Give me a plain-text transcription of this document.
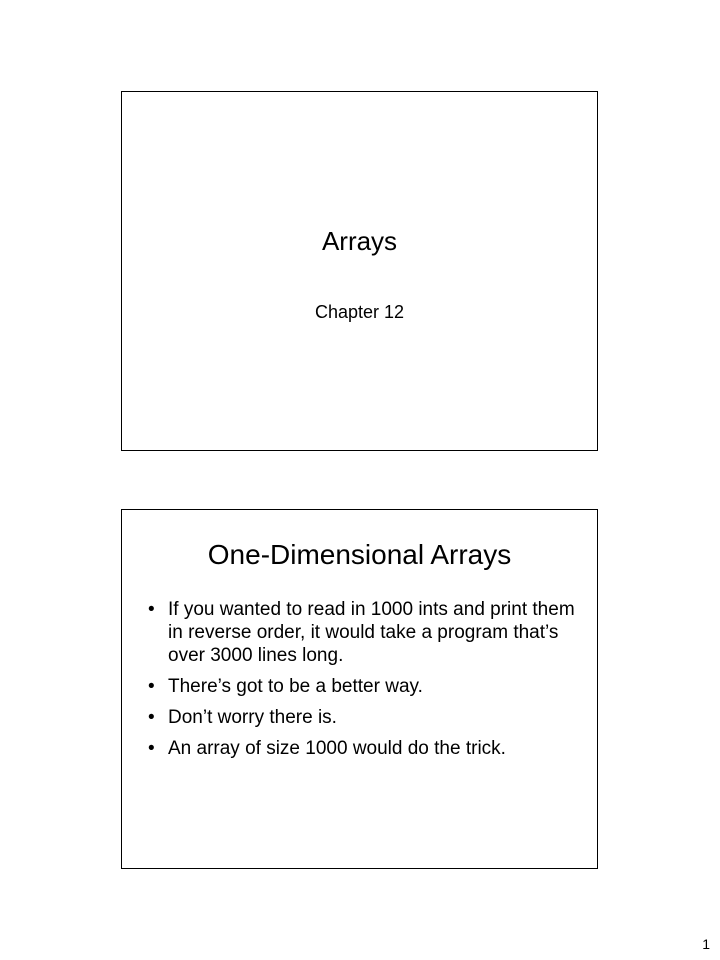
Arrays
Chapter 12
One-Dimensional Arrays
• If you wanted to read in 1000 ints and print them in reverse order, it would take a program that’s over 3000 lines long.
• There’s got to be a better way.
• Don’t worry there is.
• An array of size 1000 would do the trick.
1
